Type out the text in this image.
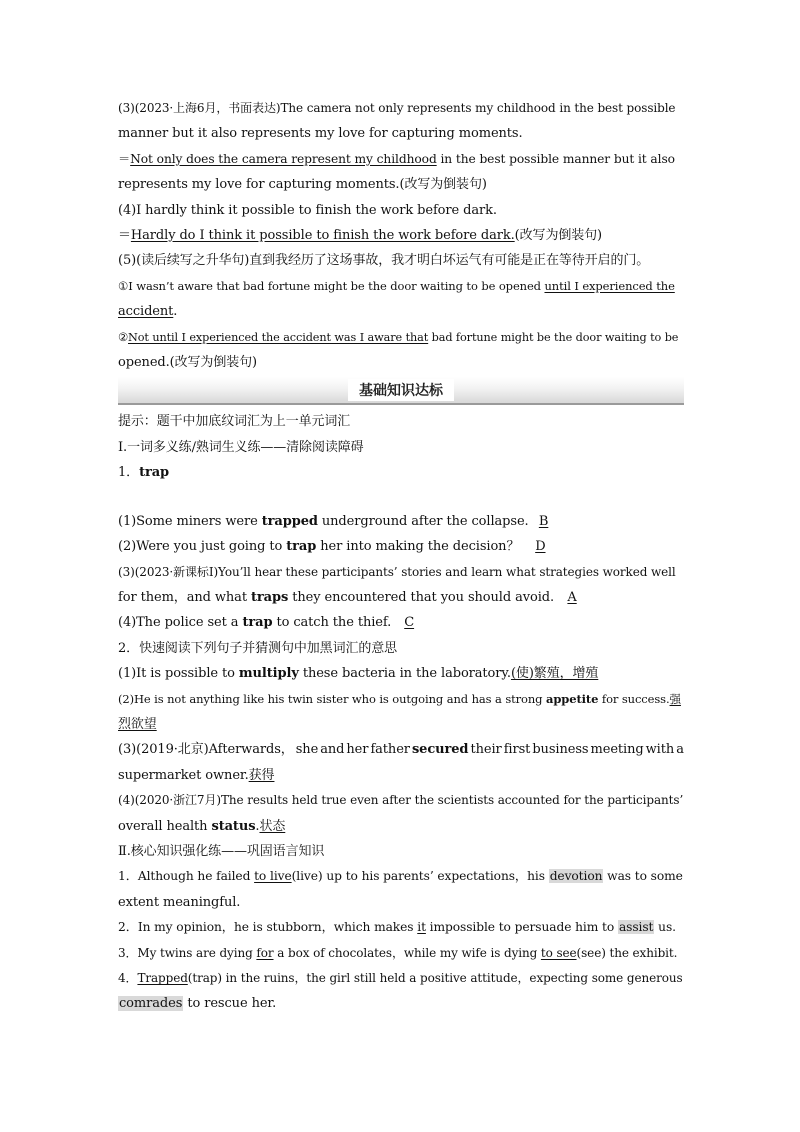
(3)(2023·上海6月，书面表达)The camera not only represents my childhood in the best possible
manner but it also represents my love for capturing moments.
＝Not only does the camera represent my childhood in the best possible manner but it also
represents my love for capturing moments.(改写为倒装句)
(4)I hardly think it possible to finish the work before dark.
＝Hardly do I think it possible to finish the work before dark.(改写为倒装句)
(5)(读后续写之升华句)直到我经历了这场事故，我才明白坏运气有可能是正在等待开启的门。
①I wasn’t aware that bad fortune might be the door waiting to be opened until I experienced the
accident.
②Not until I experienced the accident was I aware that bad fortune might be the door waiting to be
opened.(改写为倒装句)
基础知识达标
提示：题干中加底纹词汇为上一单元词汇
Ⅰ.一词多义练/熟词生义练——清除阅读障碍
1．trap
(1)Some miners were trapped underground after the collapse. B
(2)Were you just going to trap her into making the decision？ D
(3)(2023·新课标Ⅰ)You’ll hear these participants’ stories and learn what strategies worked well
for them，and what traps they encountered that you should avoid. A
(4)The police set a trap to catch the thief. C
2．快速阅读下列句子并猜测句中加黑词汇的意思
(1)It is possible to multiply these bacteria in the laboratory.(使)繁殖，增殖
(2)He is not anything like his twin sister who is outgoing and has a strong appetite for success.强
烈欲望
(3)(2019·北京)Afterwards， she and her father secured their first business meeting with a
supermarket owner.获得
(4)(2020·浙江7月)The results held true even after the scientists accounted for the participants’
overall health status.状态
Ⅱ.核心知识强化练——巩固语言知识
1．Although he failed to live(live) up to his parents’ expectations，his devotion was to some
extent meaningful.
2．In my opinion，he is stubborn，which makes it impossible to persuade him to assist us.
3．My twins are dying for a box of chocolates，while my wife is dying to see(see) the exhibit.
4．Trapped(trap) in the ruins，the girl still held a positive attitude，expecting some generous
comrades to rescue her.
